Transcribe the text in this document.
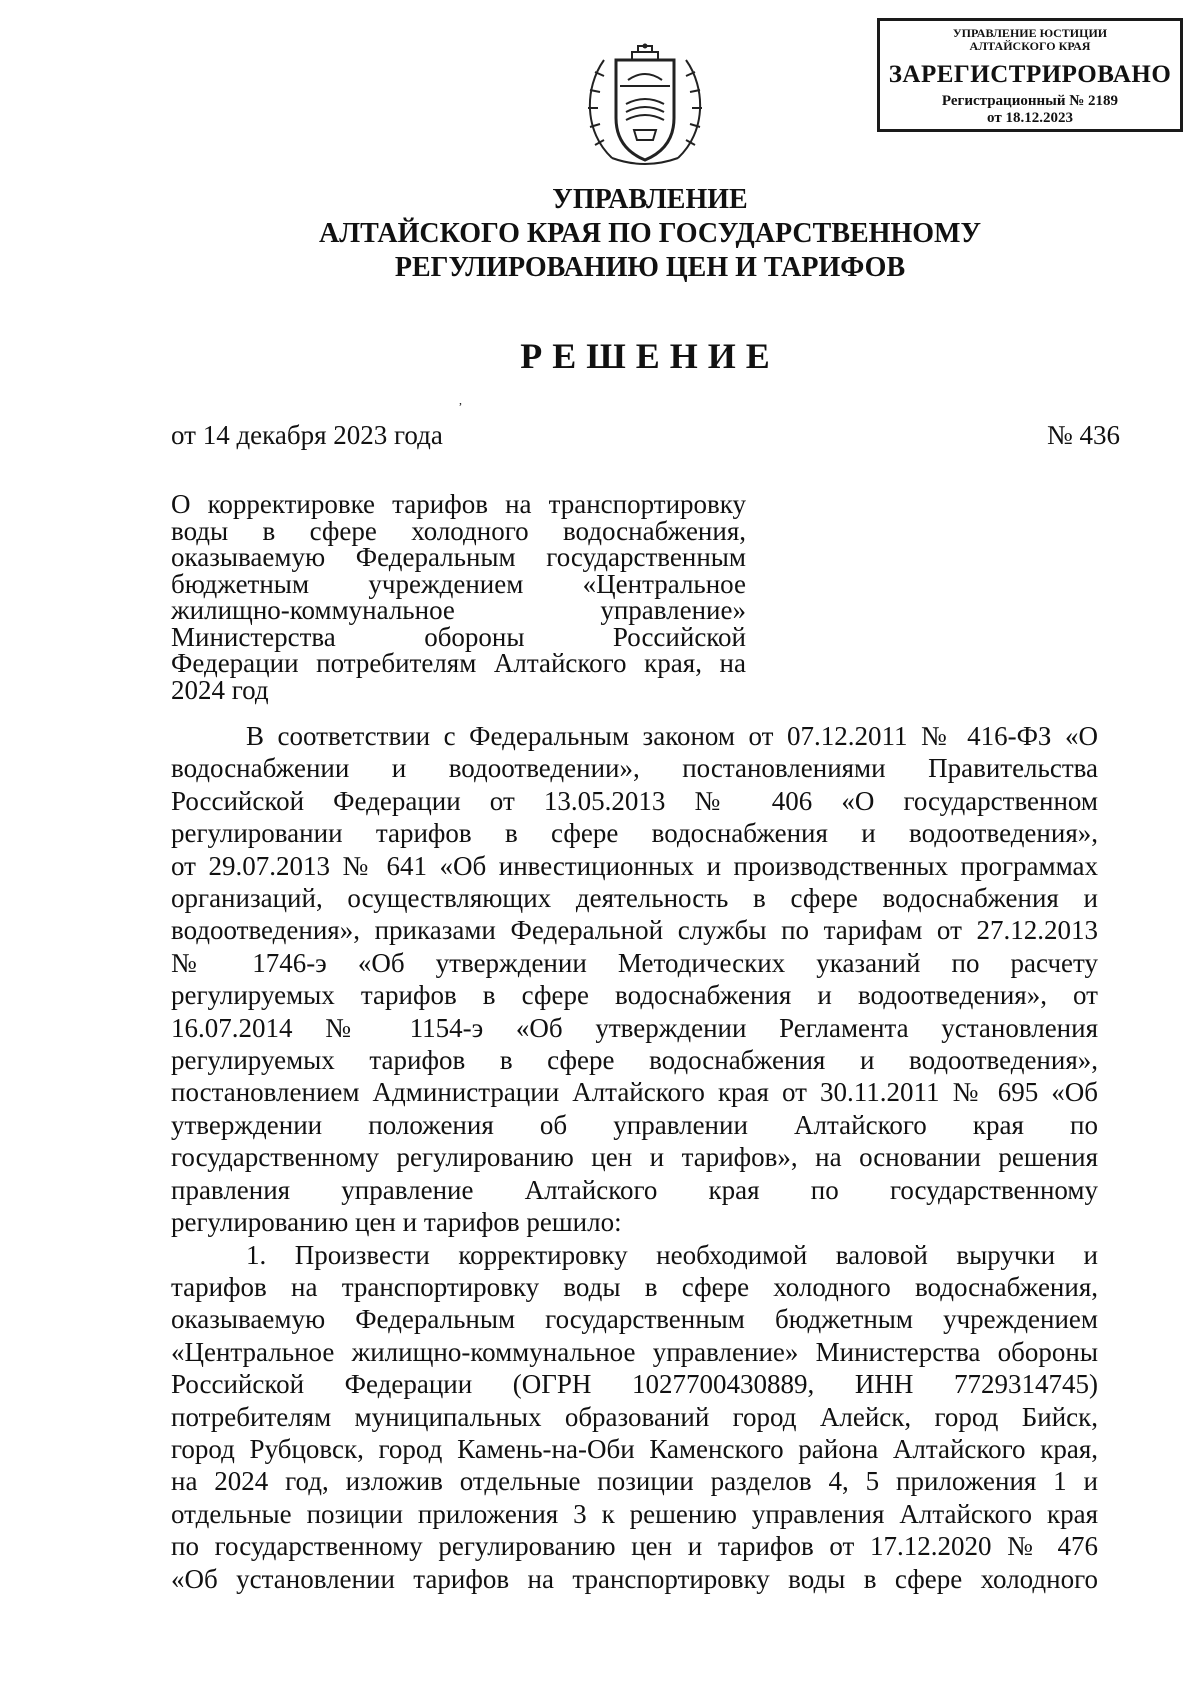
УПРАВЛЕНИЕ ЮСТИЦИИ
АЛТАЙСКОГО КРАЯ
ЗАРЕГИСТРИРОВАНО
Регистрационный № 2189
от 18.12.2023
УПРАВЛЕНИЕ
АЛТАЙСКОГО КРАЯ ПО ГОСУДАРСТВЕННОМУ
РЕГУЛИРОВАНИЮ ЦЕН И ТАРИФОВ
РЕШЕНИЕ
,
от 14 декабря 2023 года	№ 436
О корректировке тарифов на транспортировку
воды в сфере холодного водоснабжения,
оказываемую Федеральным государственным
бюджетным учреждением «Центральное
жилищно-коммунальное управление»
Министерства обороны Российской
Федерации потребителям Алтайского края, на
2024 год

В соответствии с Федеральным законом от 07.12.2011 № 416-ФЗ «О
водоснабжении и водоотведении», постановлениями Правительства
Российской Федерации от 13.05.2013 № 406 «О государственном
регулировании тарифов в сфере водоснабжения и водоотведения»,
от 29.07.2013 № 641 «Об инвестиционных и производственных программах
организаций, осуществляющих деятельность в сфере водоснабжения и
водоотведения», приказами Федеральной службы по тарифам от 27.12.2013
№ 1746-э «Об утверждении Методических указаний по расчету
регулируемых тарифов в сфере водоснабжения и водоотведения», от
16.07.2014 № 1154-э «Об утверждении Регламента установления
регулируемых тарифов в сфере водоснабжения и водоотведения»,
постановлением Администрации Алтайского края от 30.11.2011 № 695 «Об
утверждении положения об управлении Алтайского края по
государственному регулированию цен и тарифов», на основании решения
правления управление Алтайского края по государственному
регулированию цен и тарифов решило:

1. Произвести корректировку необходимой валовой выручки и
тарифов на транспортировку воды в сфере холодного водоснабжения,
оказываемую Федеральным государственным бюджетным учреждением
«Центральное жилищно-коммунальное управление» Министерства обороны
Российской Федерации (ОГРН 1027700430889, ИНН 7729314745)
потребителям муниципальных образований город Алейск, город Бийск,
город Рубцовск, город Камень-на-Оби Каменского района Алтайского края,
на 2024 год, изложив отдельные позиции разделов 4, 5 приложения 1 и
отдельные позиции приложения 3 к решению управления Алтайского края
по государственному регулированию цен и тарифов от 17.12.2020 № 476
«Об установлении тарифов на транспортировку воды в сфере холодного
